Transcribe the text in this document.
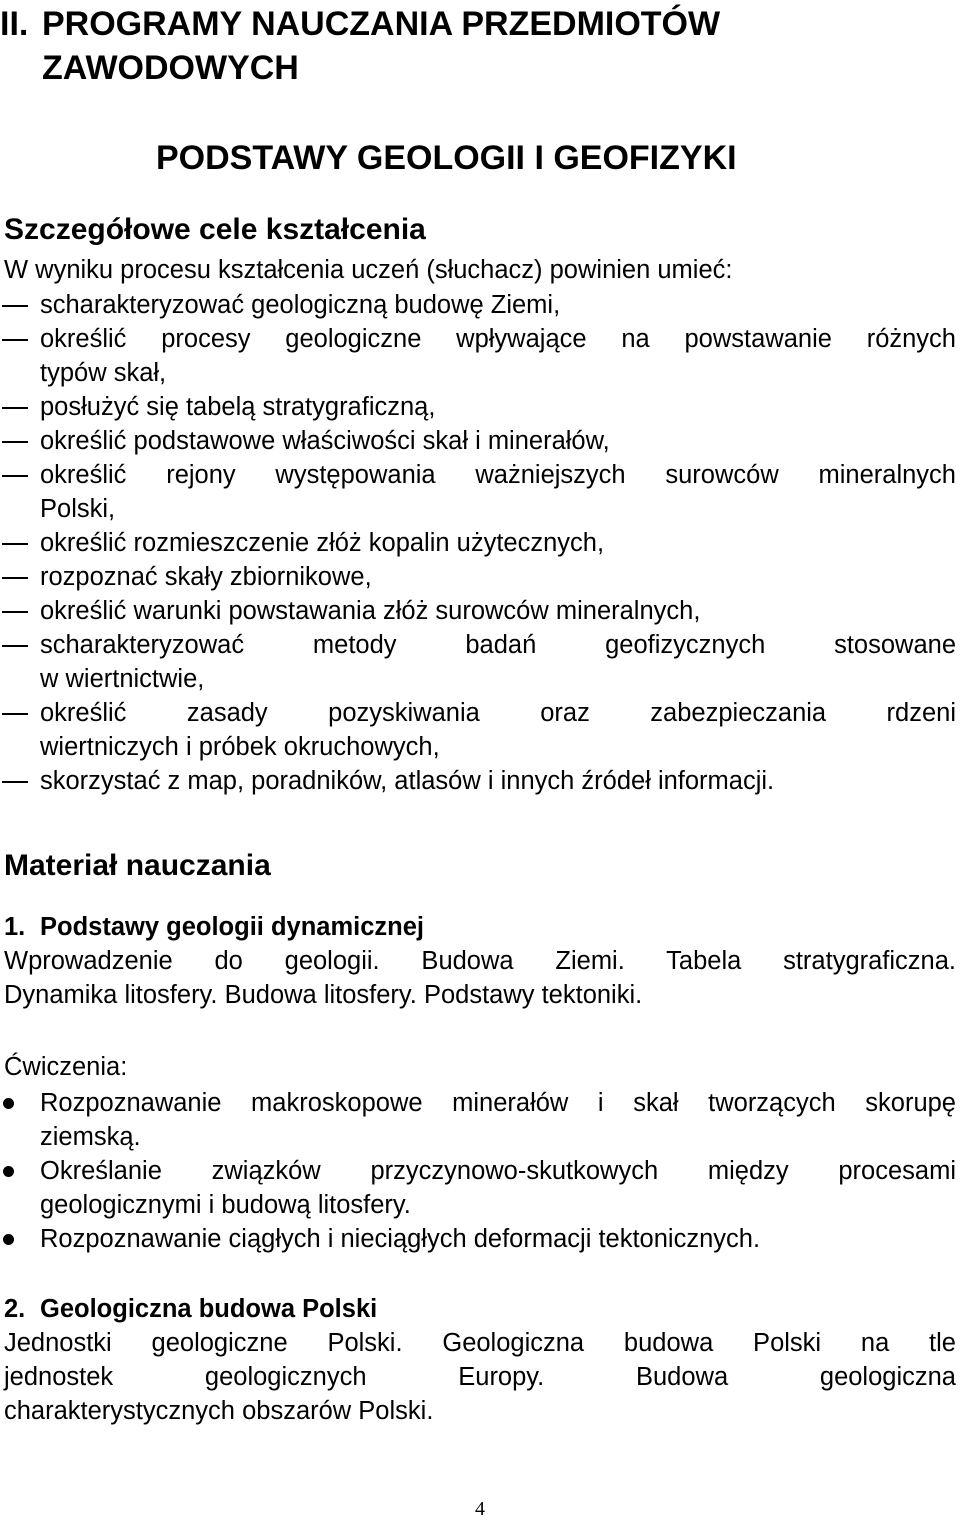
II. PROGRAMY NAUCZANIA PRZEDMIOTÓW
ZAWODOWYCH
PODSTAWY GEOLOGII I GEOFIZYKI
Szczegółowe cele kształcenia

W wyniku procesu kształcenia uczeń (słuchacz) powinien umieć:

scharakteryzować geologiczną budowę Ziemi,
określić procesy geologiczne wpływające na powstawanie różnych
typów skał,
posłużyć się tabelą stratygraficzną,
określić podstawowe właściwości skał i minerałów,
określić rejony występowania ważniejszych surowców mineralnych
Polski,
określić rozmieszczenie złóż kopalin użytecznych,
rozpoznać skały zbiornikowe,
określić warunki powstawania złóż surowców mineralnych,
scharakteryzować metody badań geofizycznych stosowane
w wiertnictwie,
określić zasady pozyskiwania oraz zabezpieczania rdzeni
wiertniczych i próbek okruchowych,
skorzystać z map, poradników, atlasów i innych źródeł informacji.
Materiał nauczania

1. Podstawy geologii dynamicznej

Wprowadzenie do geologii. Budowa Ziemi. Tabela stratygraficzna.

Dynamika litosfery. Budowa litosfery. Podstawy tektoniki.

Ćwiczenia:

Rozpoznawanie makroskopowe minerałów i skał tworzących skorupę
ziemską.
Określanie związków przyczynowo-skutkowych między procesami
geologicznymi i budową litosfery.
Rozpoznawanie ciągłych i nieciągłych deformacji tektonicznych.

2. Geologiczna budowa Polski

Jednostki geologiczne Polski. Geologiczna budowa Polski na tle

jednostek geologicznych Europy. Budowa geologiczna

charakterystycznych obszarów Polski.

4
